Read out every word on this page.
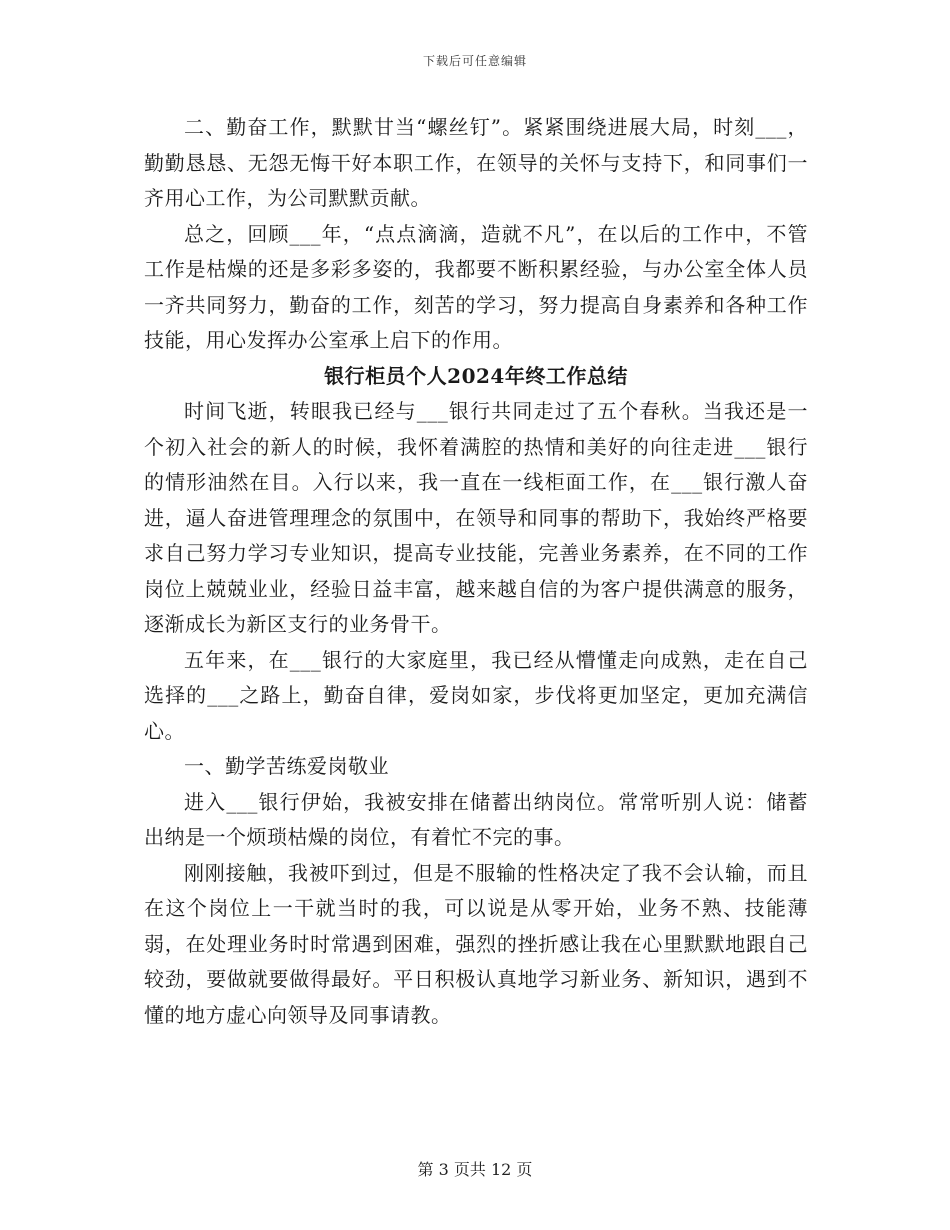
下载后可任意编辑

二、勤奋工作，默默甘当“螺丝钉”。紧紧围绕进展大局，时刻___，勤勤恳恳、无怨无悔干好本职工作，在领导的关怀与支持下，和同事们一齐用心工作，为公司默默贡献。

总之，回顾___年，“点点滴滴，造就不凡”，在以后的工作中，不管工作是枯燥的还是多彩多姿的，我都要不断积累经验，与办公室全体人员一齐共同努力，勤奋的工作，刻苦的学习，努力提高自身素养和各种工作技能，用心发挥办公室承上启下的作用。

银行柜员个人2024年终工作总结

时间飞逝，转眼我已经与___银行共同走过了五个春秋。当我还是一个初入社会的新人的时候，我怀着满腔的热情和美好的向往走进___银行的情形油然在目。入行以来，我一直在一线柜面工作，在___银行激人奋进，逼人奋进管理理念的氛围中，在领导和同事的帮助下，我始终严格要求自己努力学习专业知识，提高专业技能，完善业务素养，在不同的工作岗位上兢兢业业，经验日益丰富，越来越自信的为客户提供满意的服务，逐渐成长为新区支行的业务骨干。

五年来，在___银行的大家庭里，我已经从懵懂走向成熟，走在自己选择的___之路上，勤奋自律，爱岗如家，步伐将更加坚定，更加充满信心。

一、勤学苦练爱岗敬业

进入___银行伊始，我被安排在储蓄出纳岗位。常常听别人说：储蓄出纳是一个烦琐枯燥的岗位，有着忙不完的事。

刚刚接触，我被吓到过，但是不服输的性格决定了我不会认输，而且在这个岗位上一干就当时的我，可以说是从零开始，业务不熟、技能薄弱，在处理业务时时常遇到困难，强烈的挫折感让我在心里默默地跟自己较劲，要做就要做得最好。平日积极认真地学习新业务、新知识，遇到不懂的地方虚心向领导及同事请教。

第 3 页共 12 页
